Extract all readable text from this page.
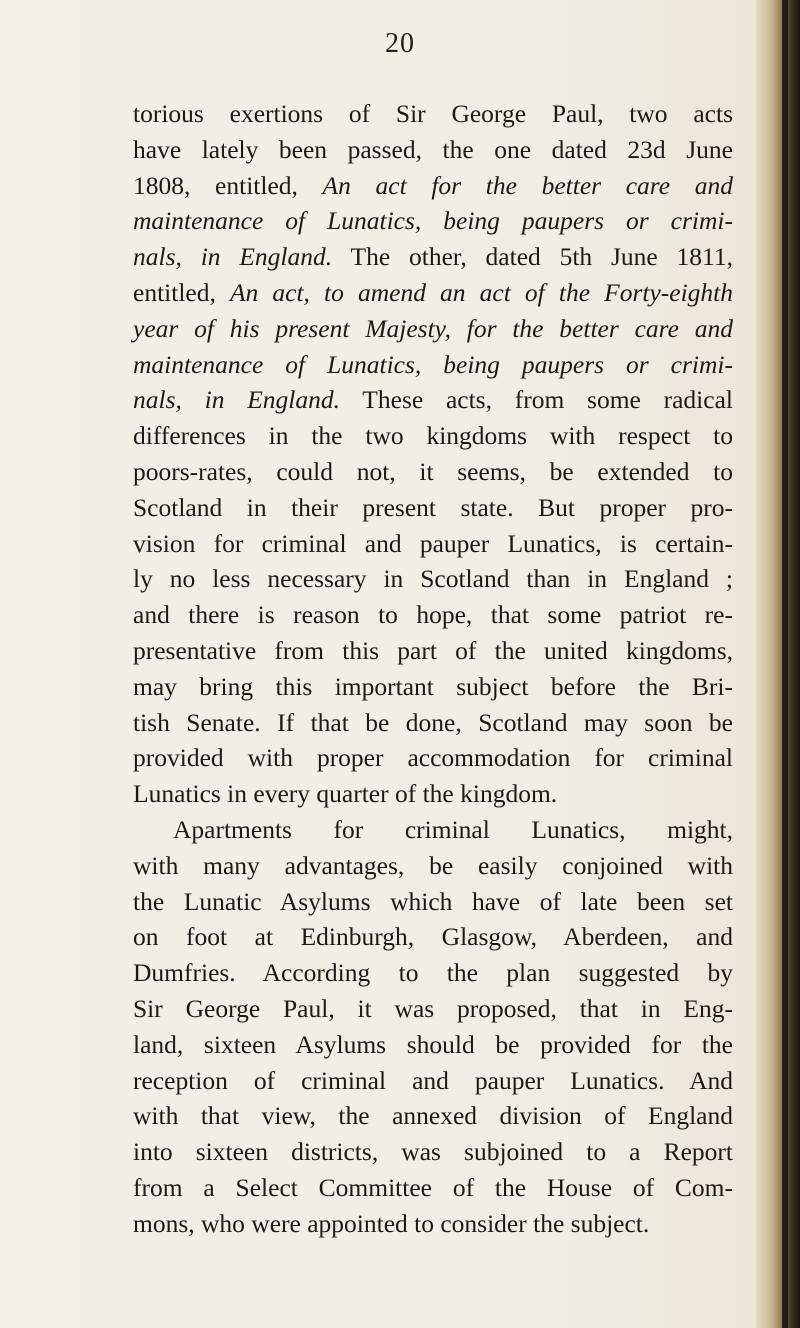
20
torious exertions of Sir George Paul, two acts
have lately been passed, the one dated 23d June
1808, entitled, An act for the better care and
maintenance of Lunatics, being paupers or crimi-
nals, in England. The other, dated 5th June 1811,
entitled, An act, to amend an act of the Forty-eighth
year of his present Majesty, for the better care and
maintenance of Lunatics, being paupers or crimi-
nals, in England. These acts, from some radical
differences in the two kingdoms with respect to
poors-rates, could not, it seems, be extended to
Scotland in their present state. But proper pro-
vision for criminal and pauper Lunatics, is certain-
ly no less necessary in Scotland than in England ;
and there is reason to hope, that some patriot re-
presentative from this part of the united kingdoms,
may bring this important subject before the Bri-
tish Senate. If that be done, Scotland may soon be
provided with proper accommodation for criminal
Lunatics in every quarter of the kingdom.
Apartments for criminal Lunatics, might,
with many advantages, be easily conjoined with
the Lunatic Asylums which have of late been set
on foot at Edinburgh, Glasgow, Aberdeen, and
Dumfries. According to the plan suggested by
Sir George Paul, it was proposed, that in Eng-
land, sixteen Asylums should be provided for the
reception of criminal and pauper Lunatics. And
with that view, the annexed division of England
into sixteen districts, was subjoined to a Report
from a Select Committee of the House of Com-
mons, who were appointed to consider the subject.
